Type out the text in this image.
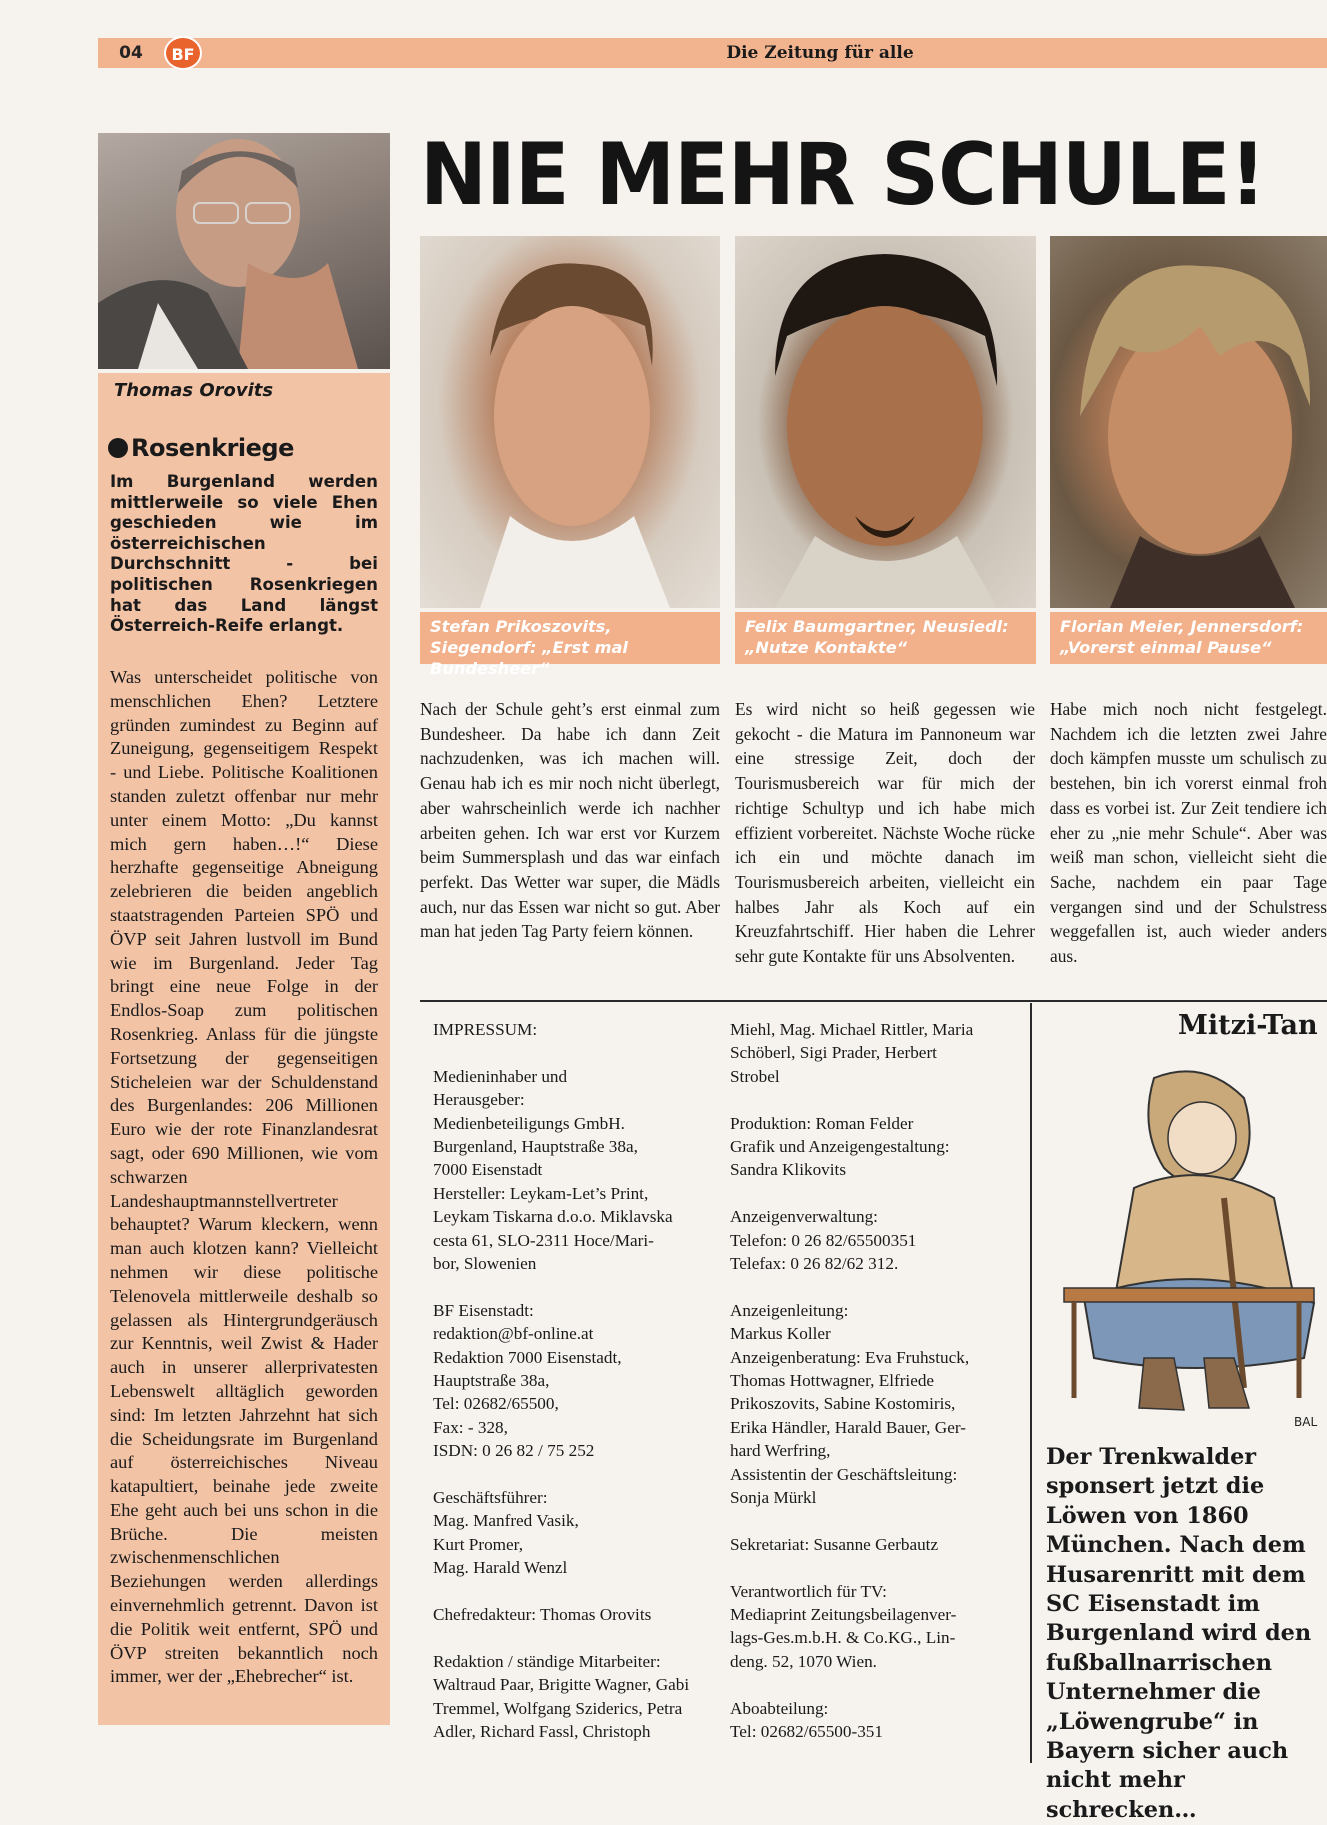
04	BF	Die Zeitung für alle
Thomas Orovits
Rosenkriege
Im Burgenland werden mittlerweile so viele Ehen geschieden wie im österreichischen Durchschnitt - bei politischen Rosenkriegen hat das Land längst Österreich-Reife erlangt.
Was unterscheidet politische von menschlichen Ehen? Letztere gründen zumindest zu Beginn auf Zuneigung, gegenseitigem Respekt - und Liebe. Politische Koalitionen standen zuletzt offenbar nur mehr unter einem Motto: „Du kannst mich gern haben…!“ Diese herzhafte gegenseitige Abneigung zelebrieren die beiden angeblich staatstragenden Parteien SPÖ und ÖVP seit Jahren lustvoll im Bund wie im Burgenland. Jeder Tag bringt eine neue Folge in der Endlos-Soap zum politischen Rosenkrieg. Anlass für die jüngste Fortsetzung der gegenseitigen Sticheleien war der Schuldenstand des Burgenlandes: 206 Millionen Euro wie der rote Finanzlandesrat sagt, oder 690 Millionen, wie vom schwarzen Landeshauptmannstellvertreter behauptet? Warum kleckern, wenn man auch klotzen kann? Vielleicht nehmen wir diese politische Telenovela mittlerweile deshalb so gelassen als Hintergrundgeräusch zur Kenntnis, weil Zwist & Hader auch in unserer allerprivatesten Lebenswelt alltäglich geworden sind: Im letzten Jahrzehnt hat sich die Scheidungsrate im Burgenland auf österreichisches Niveau katapultiert, beinahe jede zweite Ehe geht auch bei uns schon in die Brüche. Die meisten zwischenmenschlichen Beziehungen werden allerdings einvernehmlich getrennt. Davon ist die Politik weit entfernt, SPÖ und ÖVP streiten bekanntlich noch immer, wer der „Ehebrecher“ ist.
NIE MEHR SCHULE!
Stefan Prikoszovits, Siegendorf: „Erst mal Bundesheer“
Felix Baumgartner, Neusiedl: „Nutze Kontakte“
Florian Meier, Jennersdorf: „Vorerst einmal Pause“
Nach der Schule geht’s erst einmal zum Bundesheer. Da habe ich dann Zeit nachzudenken, was ich machen will. Genau hab ich es mir noch nicht überlegt, aber wahrscheinlich werde ich nachher arbeiten gehen. Ich war erst vor Kurzem beim Summersplash und das war einfach perfekt. Das Wetter war super, die Mädls auch, nur das Essen war nicht so gut. Aber man hat jeden Tag Party feiern können.
Es wird nicht so heiß gegessen wie gekocht - die Matura im Pannoneum war eine stressige Zeit, doch der Tourismusbereich war für mich der richtige Schultyp und ich habe mich effizient vorbereitet. Nächste Woche rücke ich ein und möchte danach im Tourismusbereich arbeiten, vielleicht ein halbes Jahr als Koch auf ein Kreuzfahrtschiff. Hier haben die Lehrer sehr gute Kontakte für uns Absolventen.
Habe mich noch nicht festgelegt. Nachdem ich die letzten zwei Jahre doch kämpfen musste um schulisch zu bestehen, bin ich vorerst einmal froh dass es vorbei ist. Zur Zeit tendiere ich eher zu „nie mehr Schule“. Aber was weiß man schon, vielleicht sieht die Sache, nachdem ein paar Tage vergangen sind und der Schulstress weggefallen ist, auch wieder anders aus.

IMPRESSUM:

Medieninhaber und
Herausgeber:
Medienbeteiligungs GmbH.
Burgenland, Hauptstraße 38a,
7000 Eisenstadt
Hersteller: Leykam-Let’s Print,
Leykam Tiskarna d.o.o. Miklavska
cesta 61, SLO-2311 Hoce/Mari-
bor, Slowenien

BF Eisenstadt:
redaktion@bf-online.at
Redaktion 7000 Eisenstadt,
Hauptstraße 38a,
Tel: 02682/65500,
Fax: - 328,
ISDN: 0 26 82 / 75 252

Geschäftsführer:
Mag. Manfred Vasik,
Kurt Promer,
Mag. Harald Wenzl

Chefredakteur: Thomas Orovits

Redaktion / ständige Mitarbeiter:
Waltraud Paar, Brigitte Wagner, Gabi
Tremmel, Wolfgang Sziderics, Petra
Adler, Richard Fassl, Christoph

Miehl, Mag. Michael Rittler, Maria
Schöberl, Sigi Prader, Herbert
Strobel

Produktion: Roman Felder
Grafik und Anzeigengestaltung:
Sandra Klikovits

Anzeigenverwaltung:
Telefon: 0 26 82/65500351
Telefax: 0 26 82/62 312.

Anzeigenleitung:
Markus Koller
Anzeigenberatung: Eva Fruhstuck,
Thomas Hottwagner, Elfriede
Prikoszovits, Sabine Kostomiris,
Erika Händler, Harald Bauer, Ger-
hard Werfring,
Assistentin der Geschäftsleitung:
Sonja Mürkl

Sekretariat: Susanne Gerbautz

Verantwortlich für TV:
Mediaprint Zeitungsbeilagenver-
lags-Ges.m.b.H. & Co.KG., Lin-
deng. 52, 1070 Wien.

Aboabteilung:
Tel: 02682/65500-351

Mitzi-Tan
BAL
Der Trenkwalder sponsert jetzt die Löwen von 1860 München. Nach dem Husarenritt mit dem SC Eisenstadt im Burgenland wird den fußballnarrischen Unternehmer die „Löwengrube“ in Bayern sicher auch nicht mehr schrecken…
